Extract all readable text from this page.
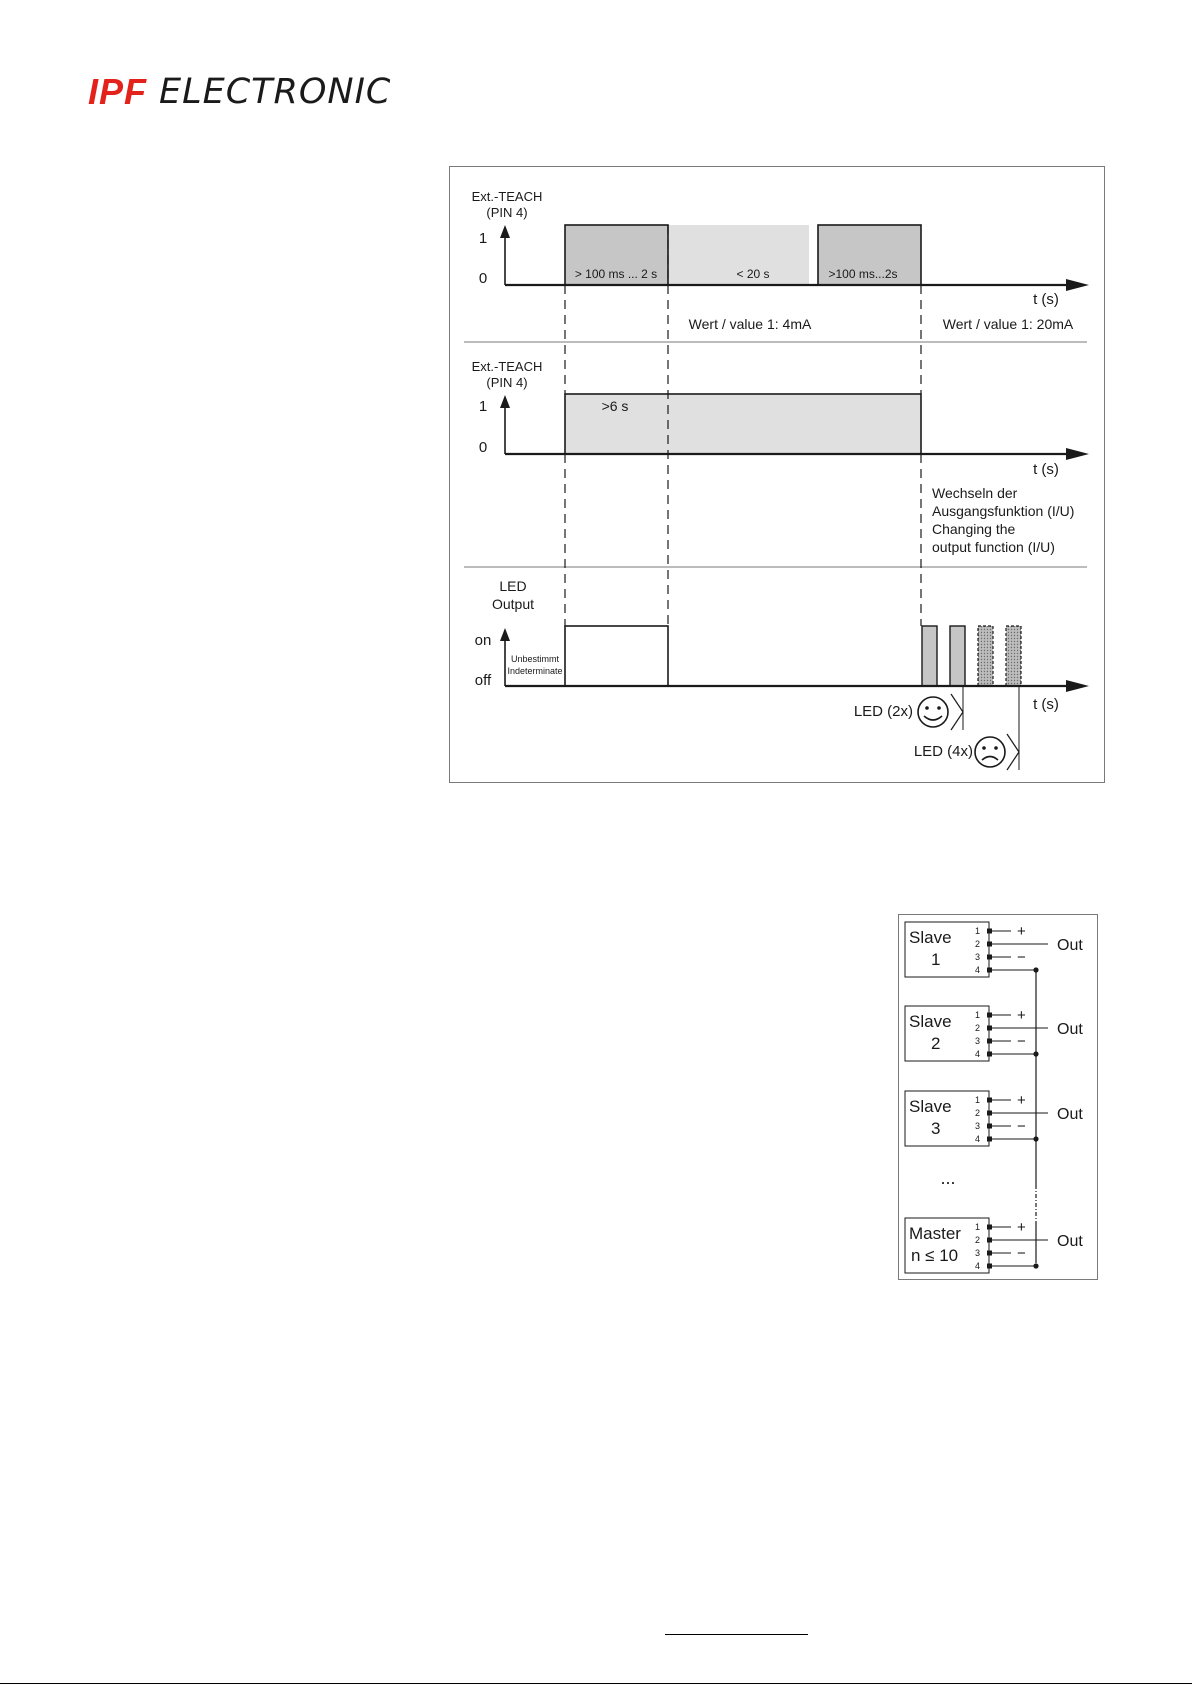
IPF ELECTRONIC
Ext.-TEACH
(PIN 4)
1
0	> 100 ms ... 2 s	< 20 s	>100 ms...2s
t (s)
Wert / value 1: 4mA	Wert / value 1: 20mA
Ext.-TEACH
(PIN 4)
1
0
>6 s
t (s)
Wechseln der
Ausgangsfunktion (I/U)
Changing the
output function (I/U)
LED
Output
on
off
Unbestimmt
Indeterminate
t (s)
LED (2x)
LED (4x)
Slave
1
1
2
3
4
+
Out
−
Slave
2
1
2
3
4
+
Out
−
Slave
3
1
2
3
4
+
Out
−
Master
n ≤ 10
1
2
3
4
+
Out
−
...
